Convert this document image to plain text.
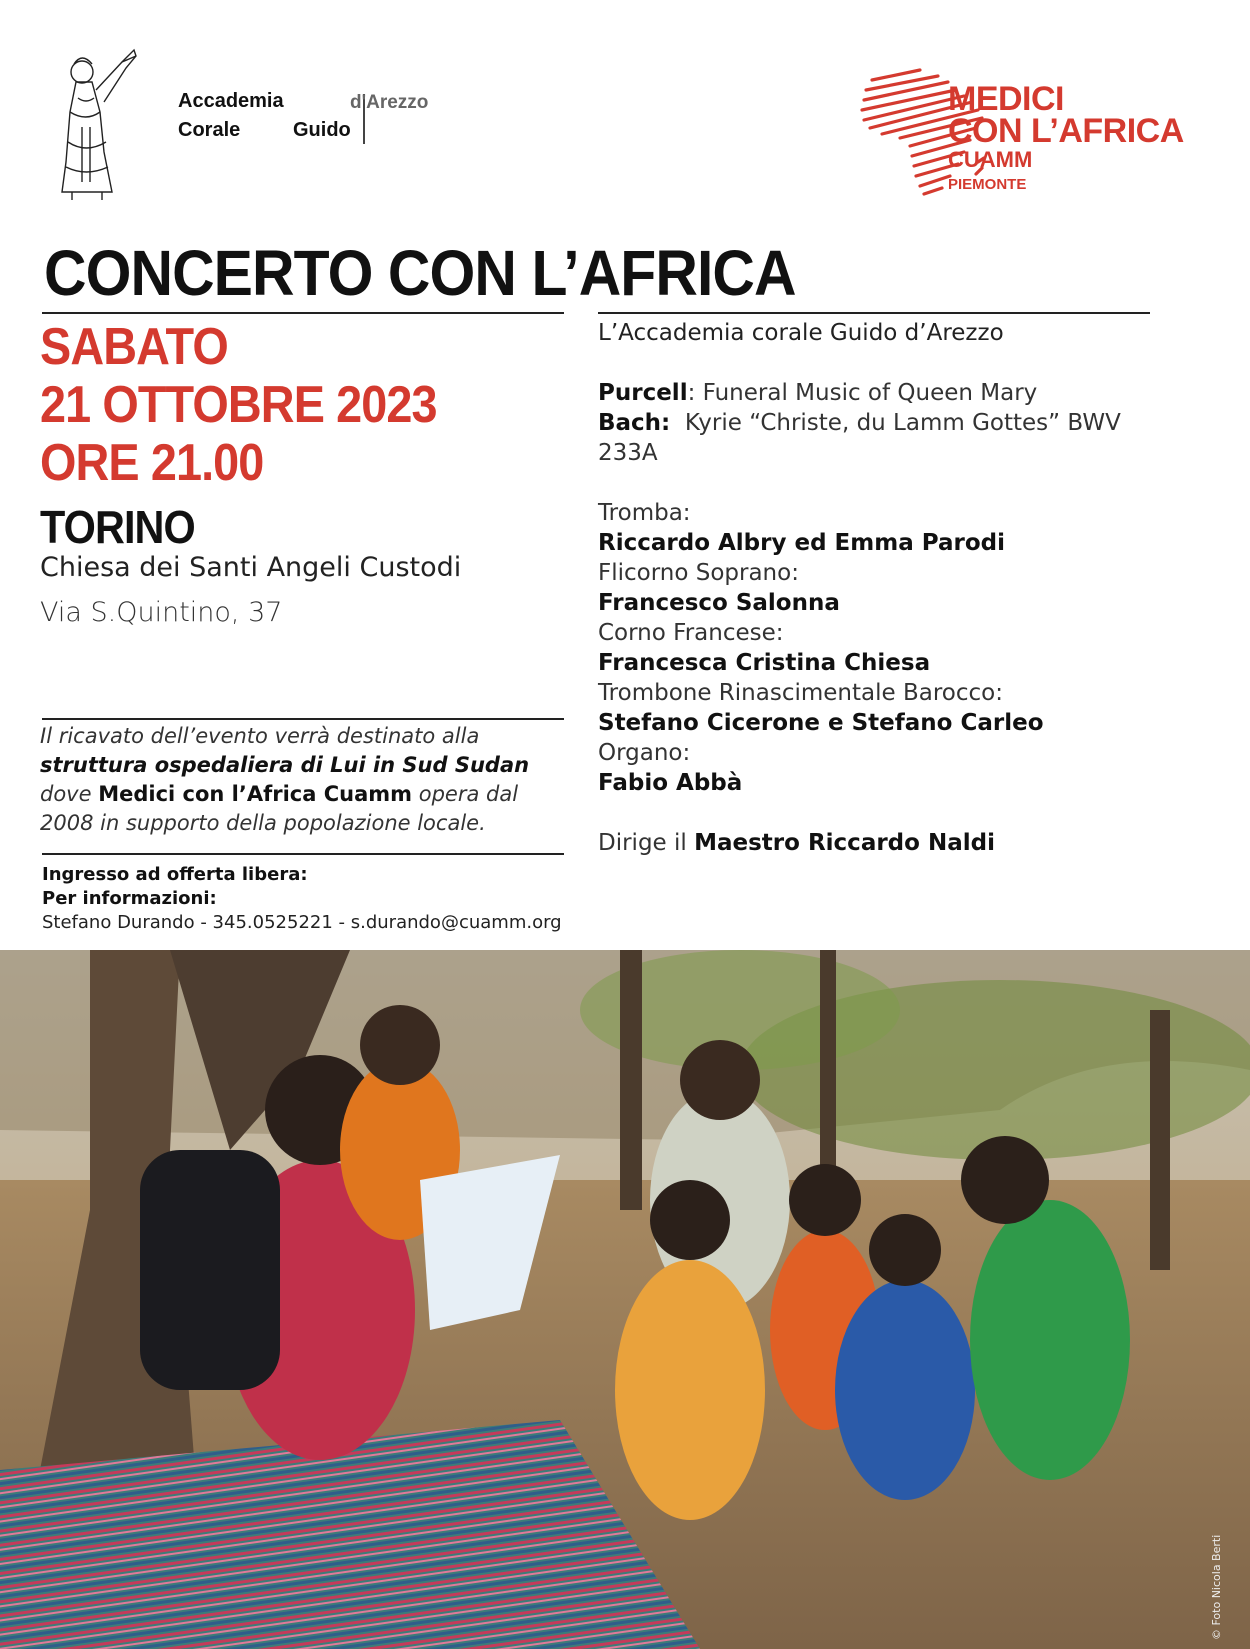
Accademia
Corale
d'Arezzo
Guido
MEDICI
CON L’AFRICA
CUAMM
PIEMONTE
CONCERTO CON L’AFRICA
SABATO
21 OTTOBRE 2023
ORE 21.00
TORINO
Chiesa dei Santi Angeli Custodi
Via S.Quintino, 37
Il ricavato dell’evento verrà destinato alla
struttura ospedaliera di Lui in Sud Sudan
dove Medici con l’Africa Cuamm opera dal 2008 in supporto della popolazione locale.
Ingresso ad offerta libera:
Per informazioni:
Stefano Durando - 345.0525221 - s.durando@cuamm.org
L’Accademia corale Guido d’Arezzo
Purcell: Funeral Music of Queen Mary
Bach: Kyrie “Christe, du Lamm Gottes” BWV
233A
Tromba:
Riccardo Albry ed Emma Parodi
Flicorno Soprano:
Francesco Salonna
Corno Francese:
Francesca Cristina Chiesa
Trombone Rinascimentale Barocco:
Stefano Cicerone e Stefano Carleo
Organo:
Fabio Abbà
Dirige il Maestro Riccardo Naldi
© Foto Nicola Berti
